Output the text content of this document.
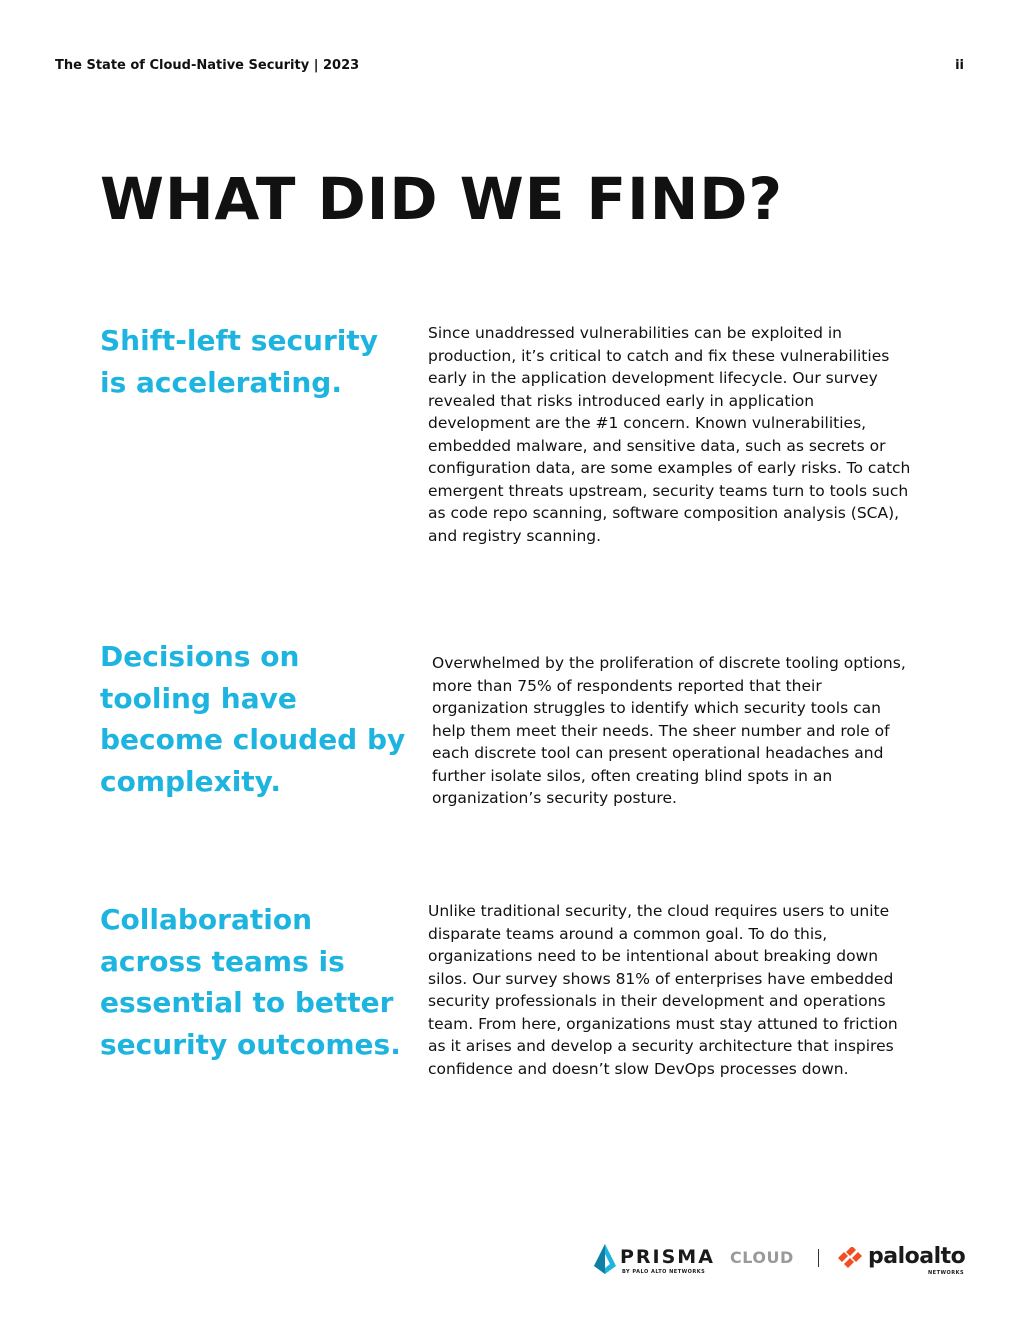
The State of Cloud-Native Security | 2023	ii
WHAT DID WE FIND?
Shift-left security is accelerating.

Since unaddressed vulnerabilities can be exploited in production, it’s critical to catch and fix these vulnerabilities early in the application development lifecycle. Our survey revealed that risks introduced early in application development are the #1 concern. Known vulnerabilities, embedded malware, and sensitive data, such as secrets or configuration data, are some examples of early risks. To catch emergent threats upstream, security teams turn to tools such as code repo scanning, software composition analysis (SCA), and registry scanning.

Decisions on tooling have become clouded by complexity.

Overwhelmed by the proliferation of discrete tooling options, more than 75% of respondents reported that their organization struggles to identify which security tools can help them meet their needs. The sheer number and role of each discrete tool can present operational headaches and further isolate silos, often creating blind spots in an organization’s security posture.

Collaboration across teams is essential to better security outcomes.

Unlike traditional security, the cloud requires users to unite disparate teams around a common goal. To do this, organizations need to be intentional about breaking down silos. Our survey shows 81% of enterprises have embedded security professionals in their development and operations team. From here, organizations must stay attuned to friction as it arises and develop a security architecture that inspires confidence and doesn’t slow DevOps processes down.

PRISMA CLOUD
BY PALO ALTO NETWORKS
paloalto
NETWORKS
